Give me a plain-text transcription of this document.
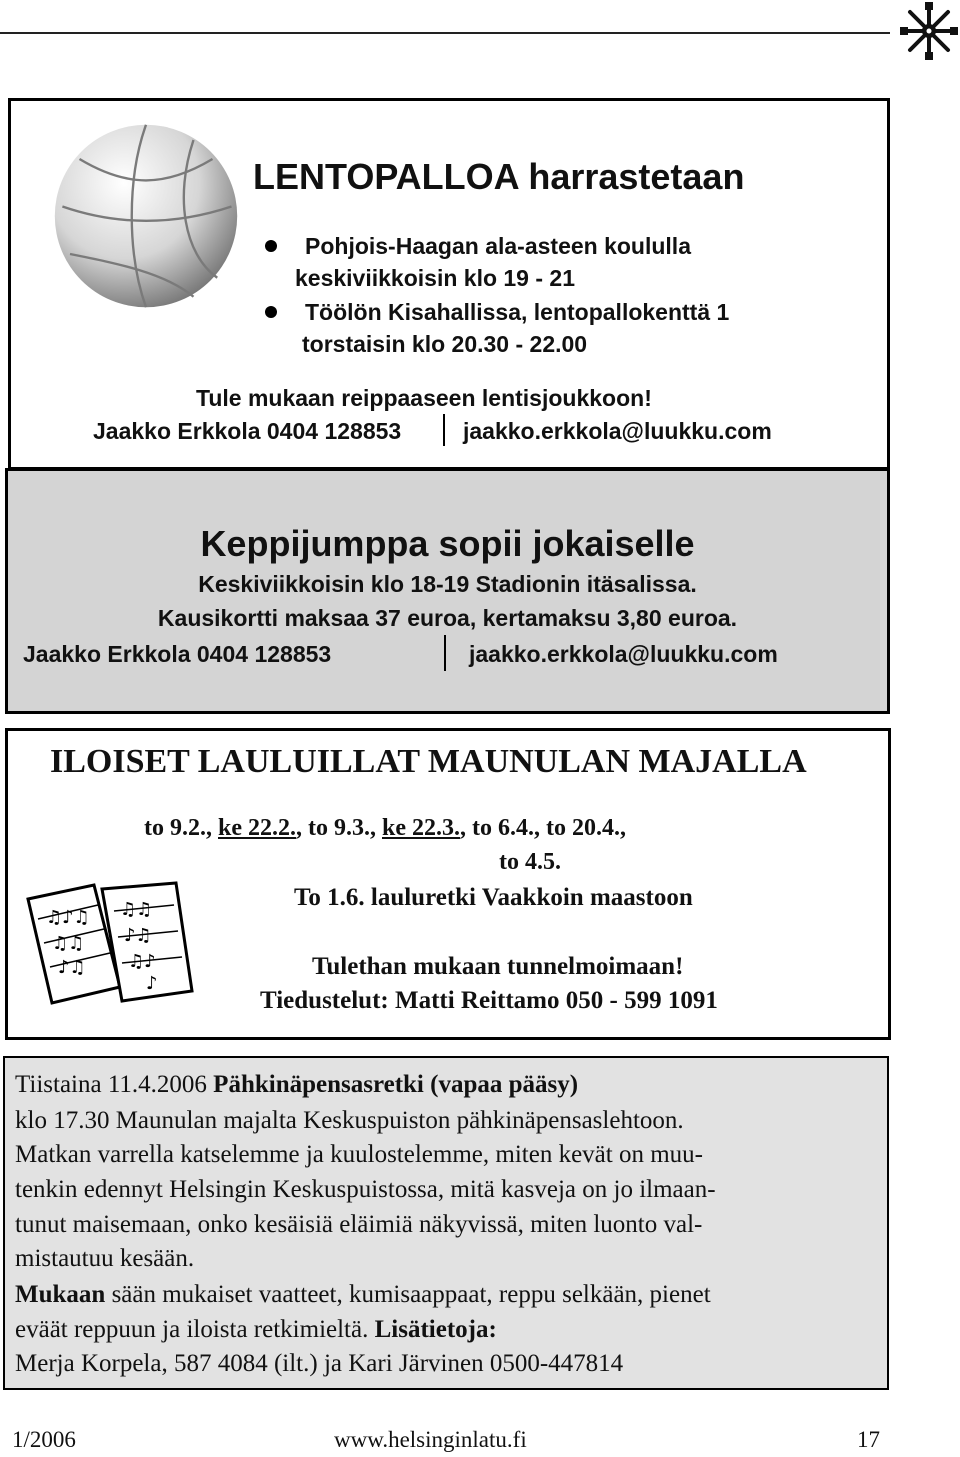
LENTOPALLOA harrastetaan
Pohjois-Haagan ala-asteen koululla
keskiviikkoisin klo 19 - 21
Töölön Kisahallissa, lentopallokenttä 1
torstaisin klo 20.30 - 22.00
Tule mukaan reippaaseen lentisjoukkoon!
Jaakko Erkkola 0404 128853	jaakko.erkkola@luukku.com
Keppijumppa sopii jokaiselle
Keskiviikkoisin klo 18-19 Stadionin itäsalissa.
Kausikortti maksaa 37 euroa, kertamaksu 3,80 euroa.
Jaakko Erkkola 0404 128853	jaakko.erkkola@luukku.com
ILOISET LAULUILLAT MAUNULAN MAJALLA
to 9.2., ke 22.2., to 9.3., ke 22.3., to 6.4., to 20.4.,
to 4.5.
To 1.6. lauluretki Vaakkoin maastoon
Tulethan mukaan tunnelmoimaan!
Tiedustelut: Matti Reittamo 050 - 599 1091
♫♪♫
♫♫
♪♫
♫♫
♪♫
♫♪
♪
Tiistaina 11.4.2006 Pähkinäpensasretki (vapaa pääsy)
klo 17.30 Maunulan majalta Keskuspuiston pähkinäpensaslehtoon.
Matkan varrella katselemme ja kuulostelemme, miten kevät on muu-
tenkin edennyt Helsingin Keskuspuistossa, mitä kasveja on jo ilmaan-
tunut maisemaan, onko kesäisiä eläimiä näkyvissä, miten luonto val-
mistautuu kesään.
Mukaan sään mukaiset vaatteet, kumisaappaat, reppu selkään, pienet
eväät reppuun ja iloista retkimieltä. Lisätietoja:
Merja Korpela, 587 4084 (ilt.) ja Kari Järvinen 0500-447814
1/2006	www.helsinginlatu.fi	17
